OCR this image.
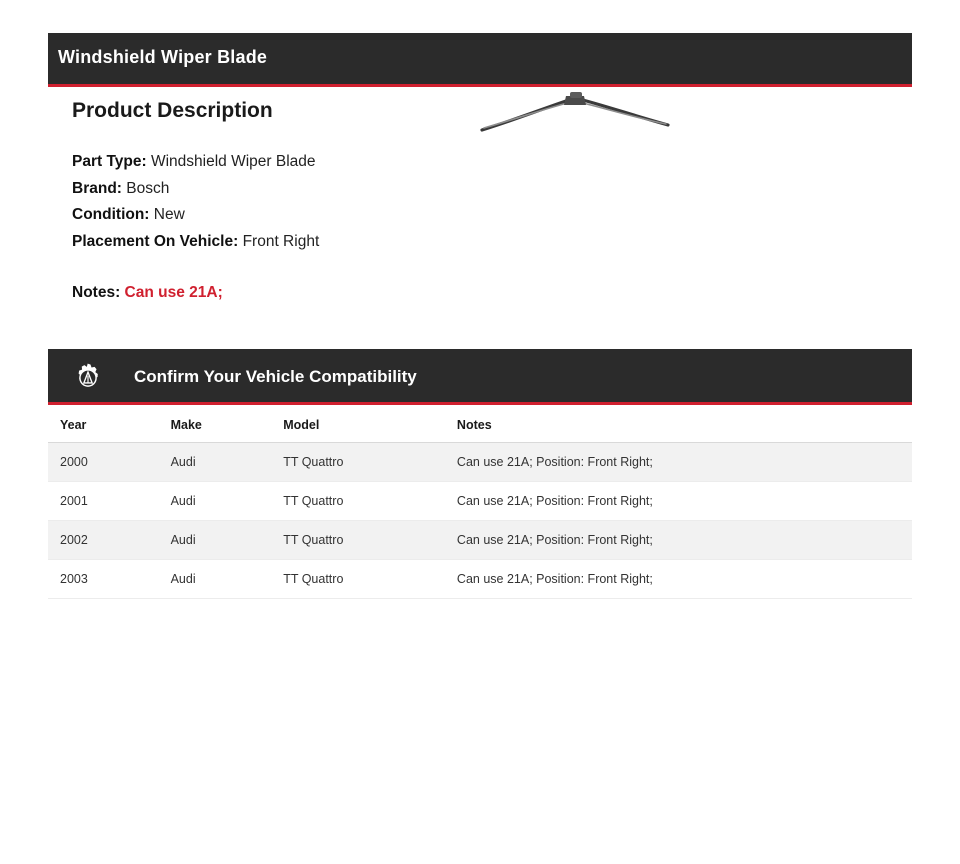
Windshield Wiper Blade
Product Description
Part Type: Windshield Wiper Blade
Brand: Bosch
Condition: New
Placement On Vehicle: Front Right
Notes: Can use 21A;
Confirm Your Vehicle Compatibility
Year	Make	Model	Notes
2000	Audi	TT Quattro	Can use 21A; Position: Front Right;
2001	Audi	TT Quattro	Can use 21A; Position: Front Right;
2002	Audi	TT Quattro	Can use 21A; Position: Front Right;
2003	Audi	TT Quattro	Can use 21A; Position: Front Right;
